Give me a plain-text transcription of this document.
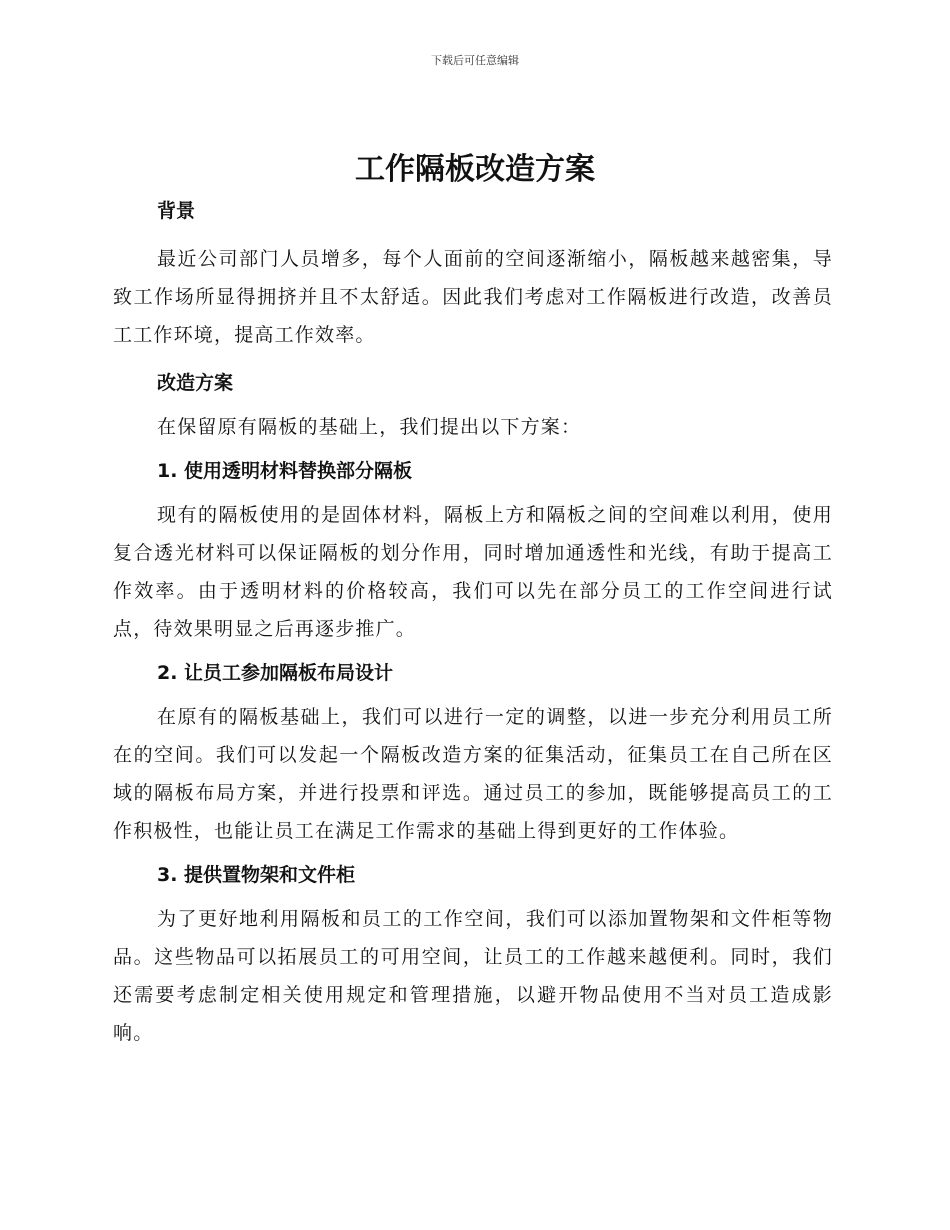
下载后可任意编辑
工作隔板改造方案

背景

最近公司部门人员增多，每个人面前的空间逐渐缩小，隔板越来越密集，导致工作场所显得拥挤并且不太舒适。因此我们考虑对工作隔板进行改造，改善员工工作环境，提高工作效率。

改造方案

在保留原有隔板的基础上，我们提出以下方案：

1. 使用透明材料替换部分隔板

现有的隔板使用的是固体材料，隔板上方和隔板之间的空间难以利用，使用复合透光材料可以保证隔板的划分作用，同时增加通透性和光线，有助于提高工作效率。由于透明材料的价格较高，我们可以先在部分员工的工作空间进行试点，待效果明显之后再逐步推广。

2. 让员工参加隔板布局设计

在原有的隔板基础上，我们可以进行一定的调整，以进一步充分利用员工所在的空间。我们可以发起一个隔板改造方案的征集活动，征集员工在自己所在区域的隔板布局方案，并进行投票和评选。通过员工的参加，既能够提高员工的工作积极性，也能让员工在满足工作需求的基础上得到更好的工作体验。

3. 提供置物架和文件柜

为了更好地利用隔板和员工的工作空间，我们可以添加置物架和文件柜等物品。这些物品可以拓展员工的可用空间，让员工的工作越来越便利。同时，我们还需要考虑制定相关使用规定和管理措施，以避开物品使用不当对员工造成影响。
